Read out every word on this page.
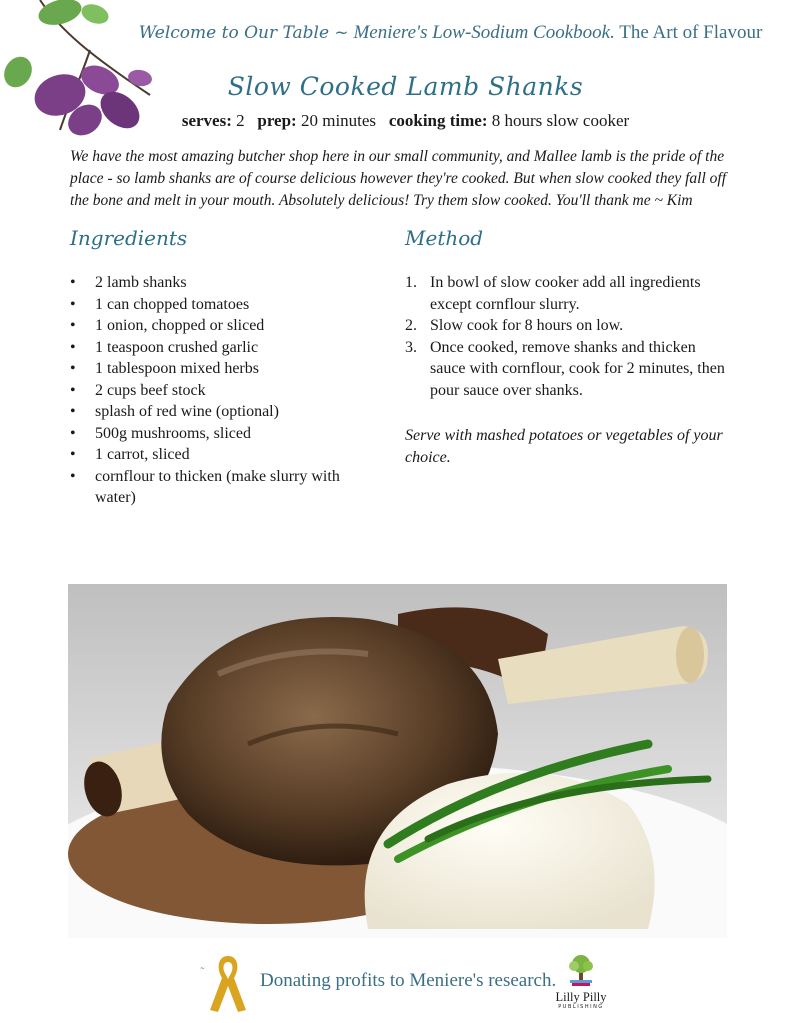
Welcome to Our Table ~ Meniere's Low-Sodium Cookbook. The Art of Flavour
Slow Cooked Lamb Shanks
serves: 2 prep: 20 minutes cooking time: 8 hours slow cooker
We have the most amazing butcher shop here in our small community, and Mallee lamb is the pride of the place - so lamb shanks are of course delicious however they're cooked. But when slow cooked they fall off the bone and melt in your mouth. Absolutely delicious! Try them slow cooked. You'll thank me ~ Kim
Ingredients	Method
• 2 lamb shanks
• 1 can chopped tomatoes
• 1 onion, chopped or sliced
• 1 teaspoon crushed garlic
• 1 tablespoon mixed herbs
• 2 cups beef stock
• splash of red wine (optional)
• 500g mushrooms, sliced
• 1 carrot, sliced
• cornflour to thicken (make slurry with water)
1. In bowl of slow cooker add all ingredients except cornflour slurry.
2. Slow cook for 8 hours on low.
3. Once cooked, remove shanks and thicken sauce with cornflour, cook for 2 minutes, then pour sauce over shanks.
Serve with mashed potatoes or vegetables of your choice.
~
Donating profits to Meniere's research.
Lilly Pilly
PUBLISHING
